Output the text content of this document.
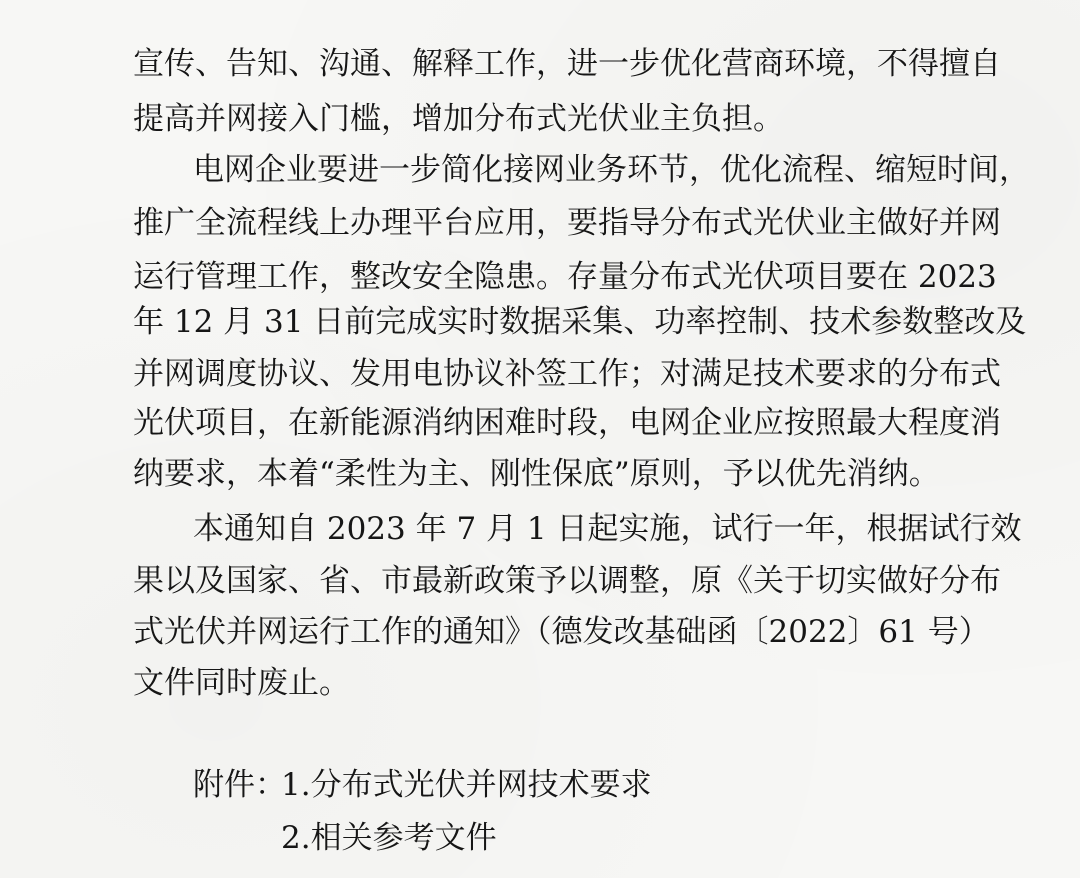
宣传、告知、沟通、解释工作，进一步优化营商环境，不得擅自
提高并网接入门槛，增加分布式光伏业主负担。
电网企业要进一步简化接网业务环节，优化流程、缩短时间，
推广全流程线上办理平台应用，要指导分布式光伏业主做好并网
运行管理工作，整改安全隐患。存量分布式光伏项目要在 2023
年 12 月 31 日前完成实时数据采集、功率控制、技术参数整改及
并网调度协议、发用电协议补签工作；对满足技术要求的分布式
光伏项目，在新能源消纳困难时段，电网企业应按照最大程度消
纳要求，本着“柔性为主、刚性保底”原则，予以优先消纳。
本通知自 2023 年 7 月 1 日起实施，试行一年，根据试行效
果以及国家、省、市最新政策予以调整，原《关于切实做好分布
式光伏并网运行工作的通知》（德发改基础函〔2022〕61 号）
文件同时废止。
附件：
1.分布式光伏并网技术要求
2.相关参考文件
